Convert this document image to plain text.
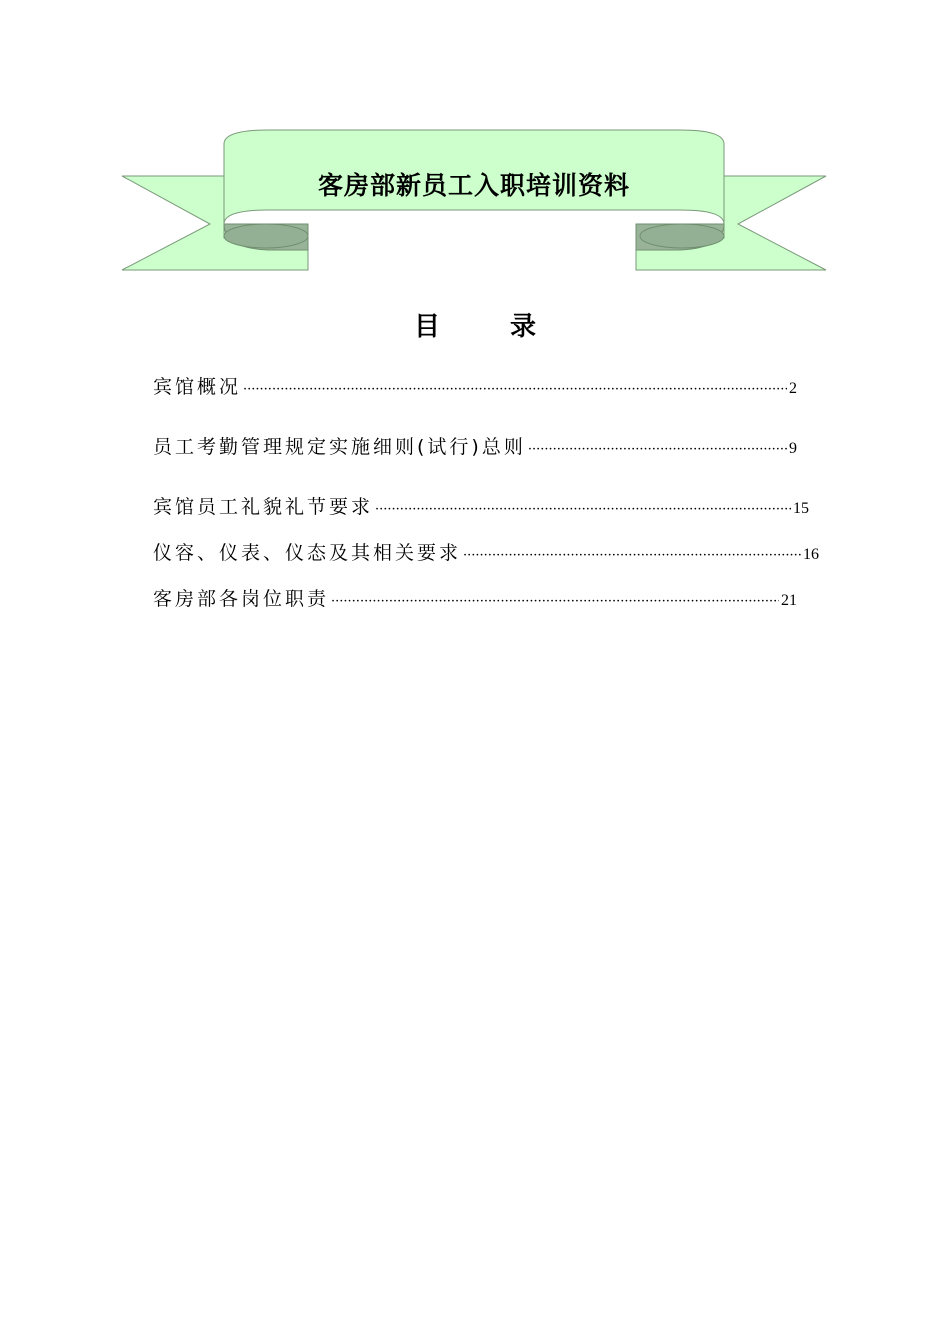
客房部新员工入职培训资料
目录
宾馆概况 ·····	2
员工考勤管理规定实施细则(试行)总则 ·····	9
宾馆员工礼貌礼节要求 ·····	15
仪容、仪表、仪态及其相关要求 ·····	16
客房部各岗位职责 ·····	21
